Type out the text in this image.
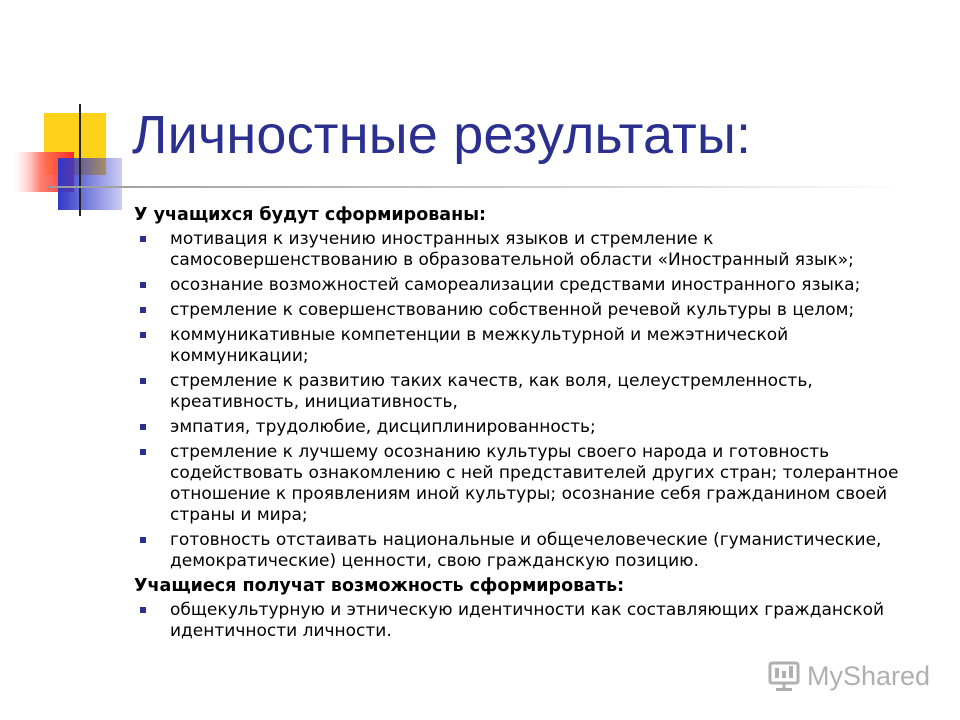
Личностные результаты:
У учащихся будут сформированы:
мотивация к изучению иностранных языков и стремление к самосовершенствованию в образовательной области «Иностранный язык»;
осознание возможностей самореализации средствами иностранного языка;
стремление к совершенствованию собственной речевой культуры в целом;
коммуникативные компетенции в межкультурной и межэтнической коммуникации;
стремление к развитию таких качеств, как воля, целеустремленность, креативность, инициативность,
эмпатия, трудолюбие, дисциплинированность;
стремление к лучшему осознанию культуры своего народа и готовность содействовать ознакомлению с ней представителей других стран; толерантное отношение к проявлениям иной культуры; осознание себя гражданином своей страны и мира;
готовность отстаивать национальные и общечеловеческие (гуманистические, демократические) ценности, свою гражданскую позицию.
Учащиеся получат возможность сформировать:
общекультурную и этническую идентичности как составляющих гражданской идентичности личности.
MyShared
